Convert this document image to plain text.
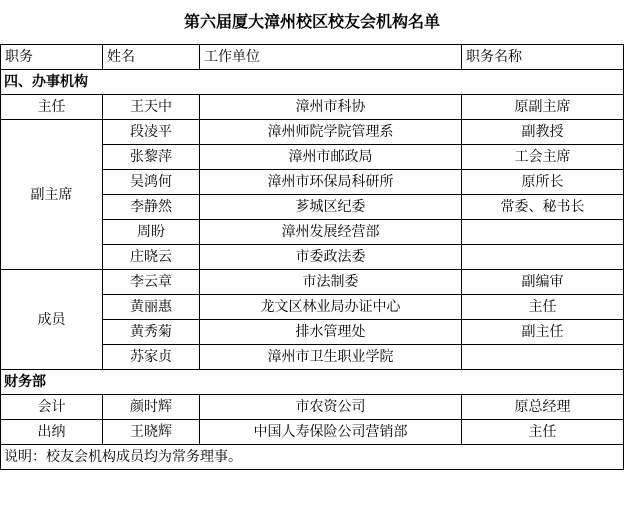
第六届厦大漳州校区校友会机构名单
职务	姓名	工作单位	职务名称
四、办事机构			
主任	王天中	漳州市科协	原副主席
副主席	段凌平	漳州师院学院管理系	副教授
	张黎萍	漳州市邮政局	工会主席
	吴鸿何	漳州市环保局科研所	原所长
	李静然	芗城区纪委	常委、秘书长
	周盼	漳州发展经营部	
	庄晓云	市委政法委	
成员	李云章	市法制委	副编审
	黄丽惠	龙文区林业局办证中心	主任
	黄秀菊	排水管理处	副主任
	苏家贞	漳州市卫生职业学院	
财务部			
会计	颜时辉	市农资公司	原总经理
出纳	王晓辉	中国人寿保险公司营销部	主任
说明：校友会机构成员均为常务理事。			
